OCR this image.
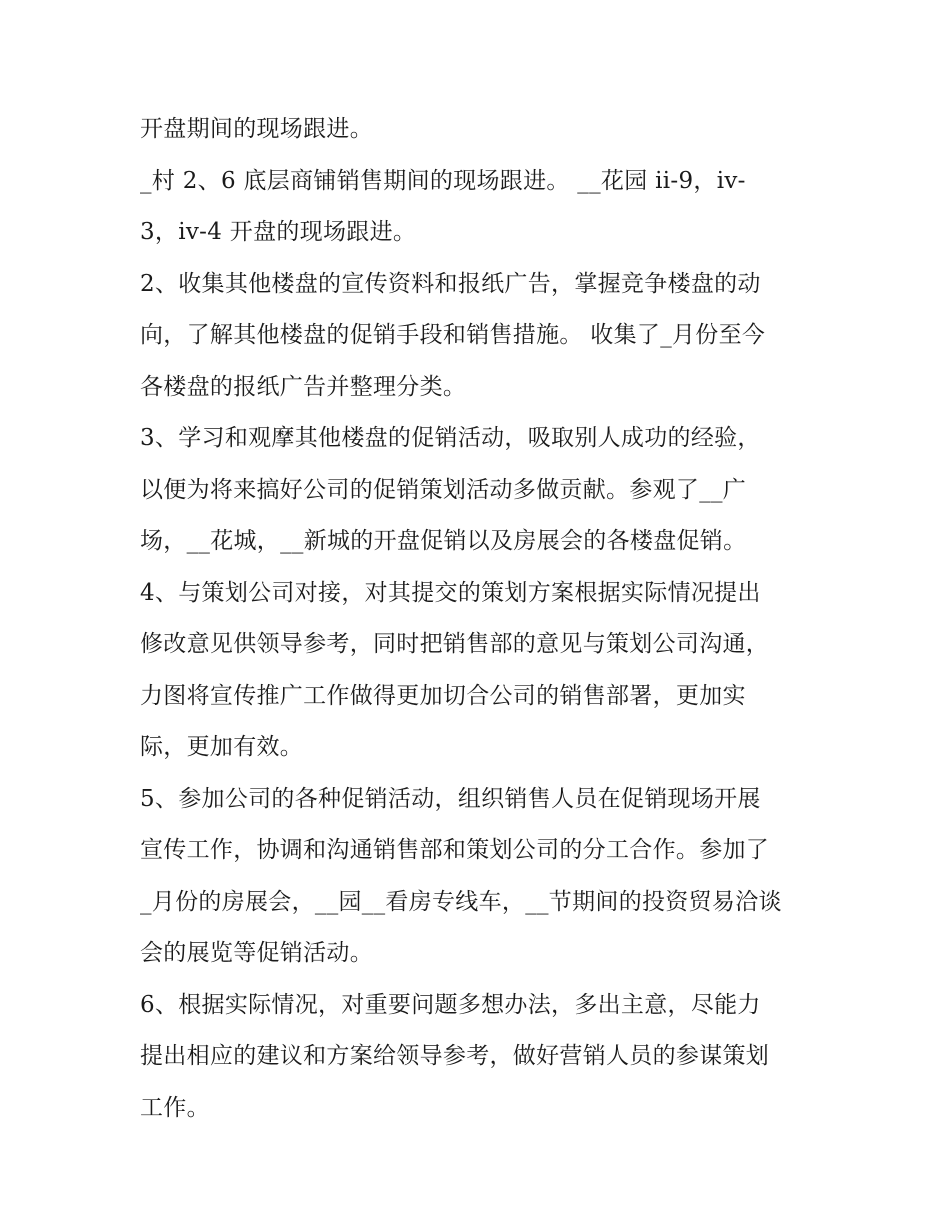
开盘期间的现场跟进。
_村 2、6 底层商铺销售期间的现场跟进。 __花园 ii-9，iv-
3，iv-4 开盘的现场跟进。
2、收集其他楼盘的宣传资料和报纸广告，掌握竞争楼盘的动
向，了解其他楼盘的促销手段和销售措施。 收集了_月份至今
各楼盘的报纸广告并整理分类。
3、学习和观摩其他楼盘的促销活动，吸取别人成功的经验，
以便为将来搞好公司的促销策划活动多做贡献。参观了__广
场，__花城，__新城的开盘促销以及房展会的各楼盘促销。
4、与策划公司对接，对其提交的策划方案根据实际情况提出
修改意见供领导参考，同时把销售部的意见与策划公司沟通，
力图将宣传推广工作做得更加切合公司的销售部署，更加实
际，更加有效。
5、参加公司的各种促销活动，组织销售人员在促销现场开展
宣传工作，协调和沟通销售部和策划公司的分工合作。参加了
_月份的房展会，__园__看房专线车，__节期间的投资贸易洽谈
会的展览等促销活动。
6、根据实际情况，对重要问题多想办法，多出主意，尽能力
提出相应的建议和方案给领导参考，做好营销人员的参谋策划
工作。
